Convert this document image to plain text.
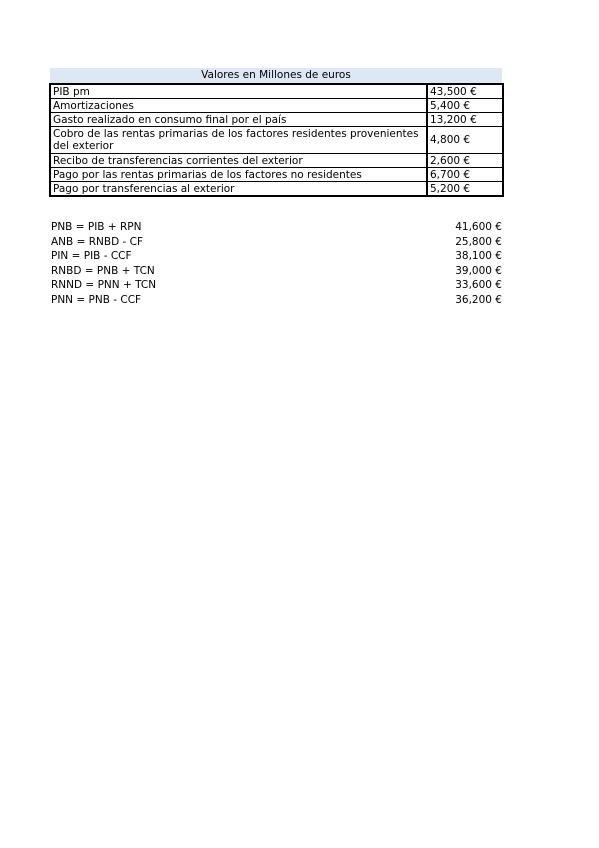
Valores en Millones de euros
PIB pm	43,500 €
Amortizaciones	5,400 €
Gasto realizado en consumo final por el país	13,200 €
Cobro de las rentas primarias de los factores residentes provenientes del exterior	4,800 €
Recibo de transferencias corrientes del exterior	2,600 €
Pago por las rentas primarias de los factores no residentes	6,700 €
Pago por transferencias al exterior	5,200 €
PNB = PIB + RPN	41,600 €
ANB = RNBD - CF	25,800 €
PIN = PIB - CCF	38,100 €
RNBD = PNB + TCN	39,000 €
RNND = PNN + TCN	33,600 €
PNN = PNB - CCF	36,200 €
